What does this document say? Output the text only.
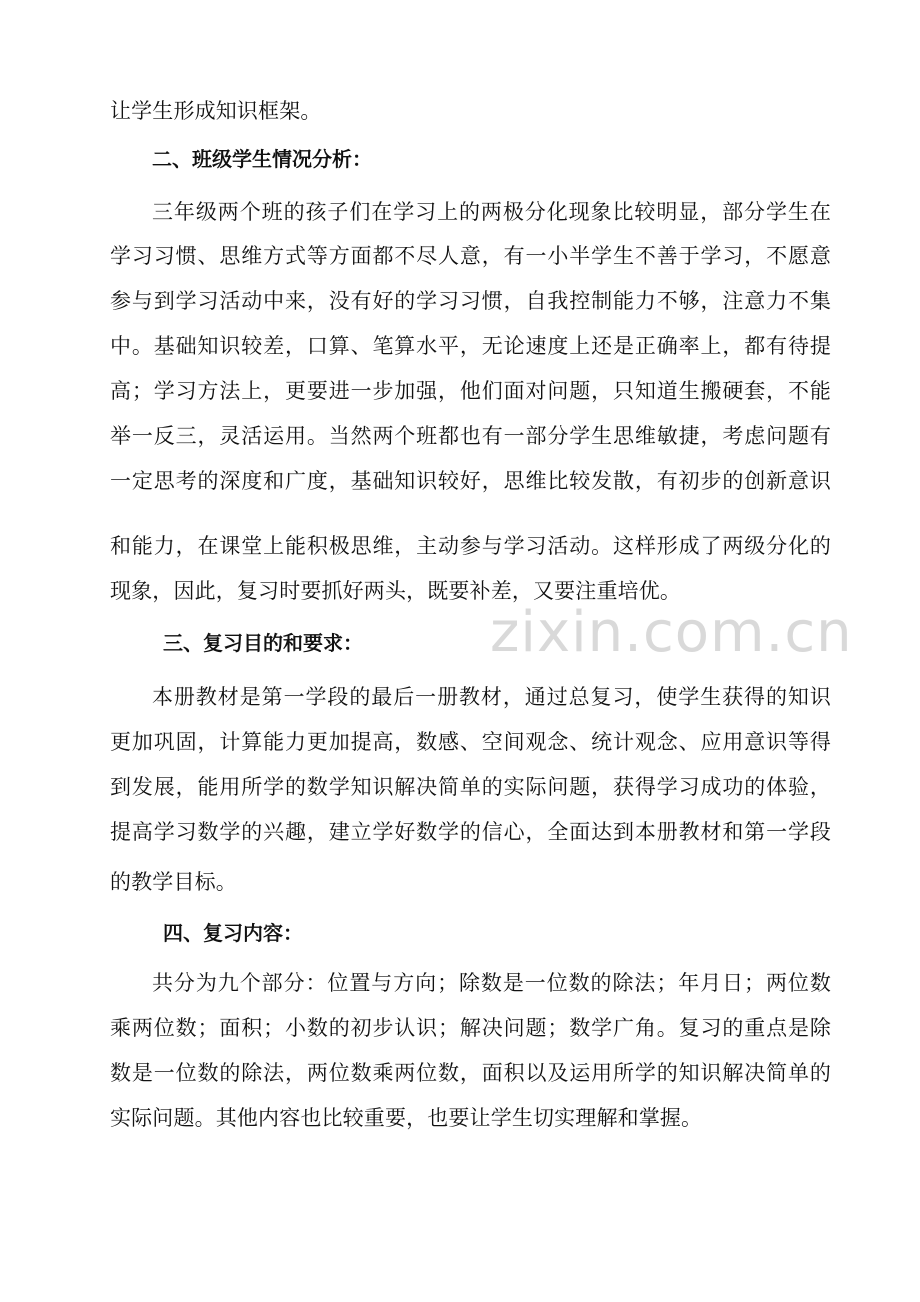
zixin.com.cn
让学生形成知识框架。
二、班级学生情况分析：
三年级两个班的孩子们在学习上的两极分化现象比较明显，部分学生在
学习习惯、思维方式等方面都不尽人意，有一小半学生不善于学习，不愿意
参与到学习活动中来，没有好的学习习惯，自我控制能力不够，注意力不集
中。基础知识较差，口算、笔算水平，无论速度上还是正确率上，都有待提
高；学习方法上，更要进一步加强，他们面对问题，只知道生搬硬套，不能
举一反三，灵活运用。当然两个班都也有一部分学生思维敏捷，考虑问题有
一定思考的深度和广度，基础知识较好，思维比较发散，有初步的创新意识
和能力，在课堂上能积极思维，主动参与学习活动。这样形成了两级分化的
现象，因此，复习时要抓好两头，既要补差，又要注重培优。
三、复习目的和要求：
本册教材是第一学段的最后一册教材，通过总复习，使学生获得的知识
更加巩固，计算能力更加提高，数感、空间观念、统计观念、应用意识等得
到发展，能用所学的数学知识解决简单的实际问题，获得学习成功的体验，
提高学习数学的兴趣，建立学好数学的信心，全面达到本册教材和第一学段
的教学目标。
四、复习内容：
共分为九个部分：位置与方向；除数是一位数的除法；年月日；两位数
乘两位数；面积；小数的初步认识；解决问题；数学广角。复习的重点是除
数是一位数的除法，两位数乘两位数，面积以及运用所学的知识解决简单的
实际问题。其他内容也比较重要，也要让学生切实理解和掌握。
